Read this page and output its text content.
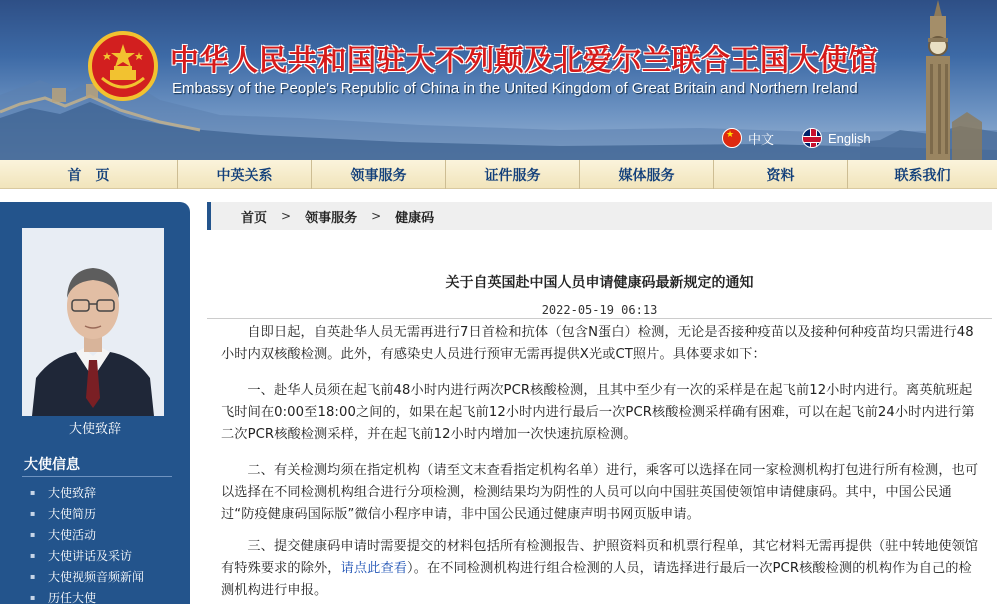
中华人民共和国驻大不列颠及北爱尔兰联合王国大使馆
Embassy of the People's Republic of China in the United Kingdom of Great Britain and Northern Ireland
★
中文	English
首　页	中英关系	领事服务	证件服务	媒体服务	资料	联系我们
大使致辞
大使信息
▪	大使致辞
▪	大使简历
▪	大使活动
▪	大使讲话及采访
▪	大使视频音频新闻
▪	历任大使
首页 > 领事服务 > 健康码
关于自英国赴中国人员申请健康码最新规定的通知
2022-05-19 06:13

自即日起，自英赴华人员无需再进行7日首检和抗体（包含N蛋白）检测，无论是否接种疫苗以及接种何种疫苗均只需进行48小时内双核酸检测。此外，有感染史人员进行预审无需再提供X光或CT照片。具体要求如下：

一、赴华人员须在起飞前48小时内进行两次PCR核酸检测，且其中至少有一次的采样是在起飞前12小时内进行。离英航班起飞时间在0:00至18:00之间的，如果在起飞前12小时内进行最后一次PCR核酸检测采样确有困难，可以在起飞前24小时内进行第二次PCR核酸检测采样，并在起飞前12小时内增加一次快速抗原检测。

二、有关检测均须在指定机构（请至文末查看指定机构名单）进行，乘客可以选择在同一家检测机构打包进行所有检测，也可以选择在不同检测机构组合进行分项检测，检测结果均为阴性的人员可以向中国驻英国使领馆申请健康码。其中，中国公民通过“防疫健康码国际版”微信小程序申请，非中国公民通过健康声明书网页版申请。

三、提交健康码申请时需要提交的材料包括所有检测报告、护照资料页和机票行程单，其它材料无需再提供（驻中转地使领馆有特殊要求的除外，请点此查看）。在不同检测机构进行组合检测的人员，请选择进行最后一次PCR核酸检测的机构作为自己的检测机构进行申报。
